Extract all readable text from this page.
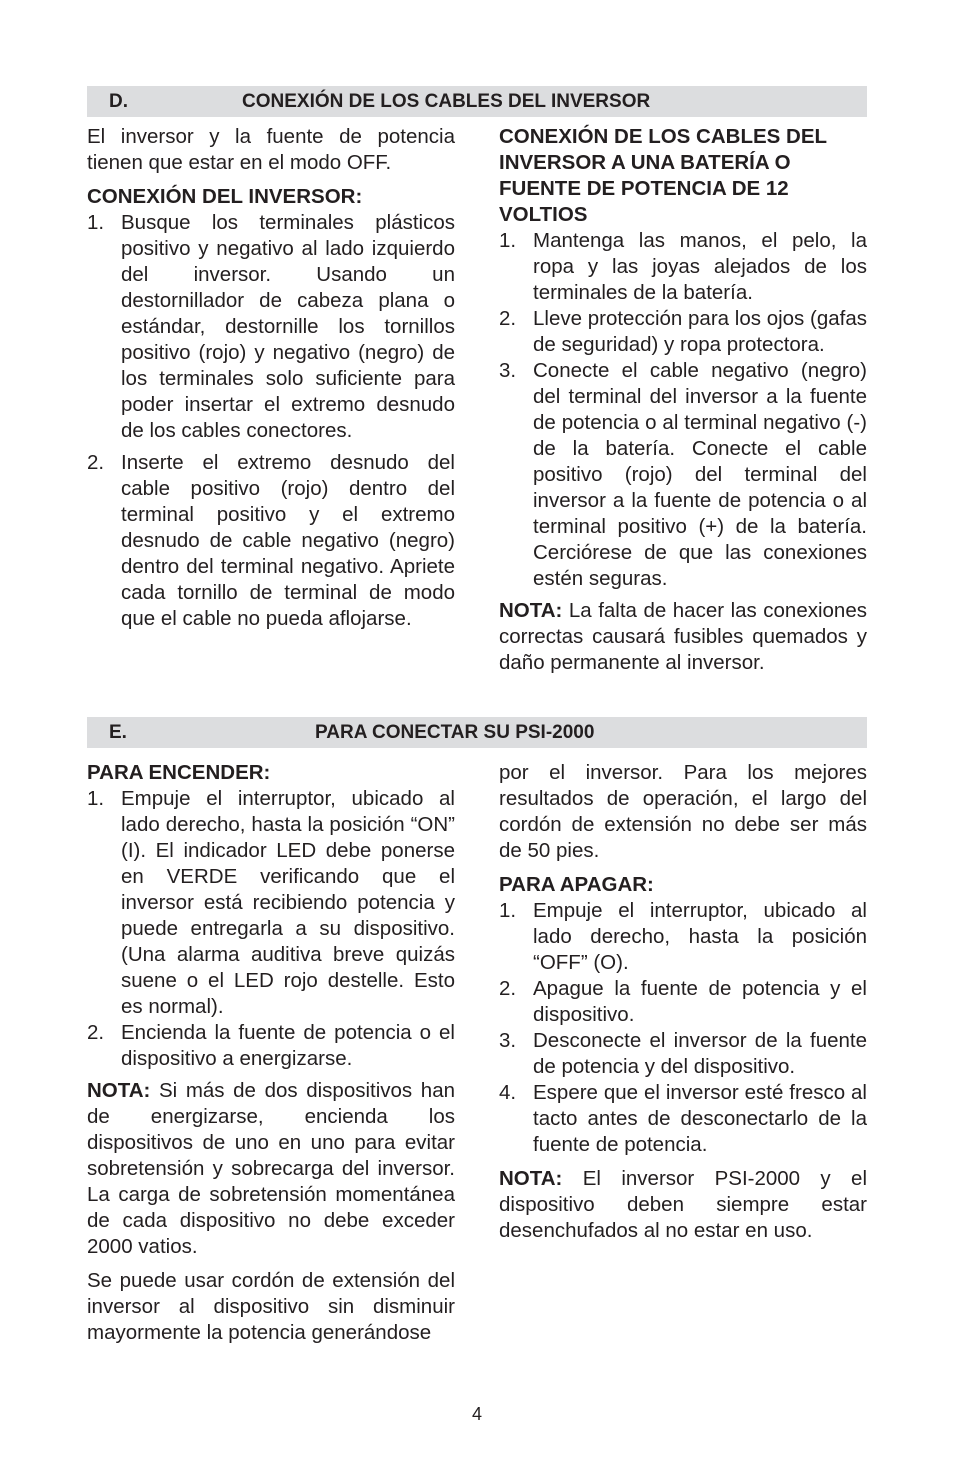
D.	CONEXIÓN DE LOS CABLES DEL INVERSOR

El inversor y la fuente de potencia tienen que estar en el modo OFF.

CONEXIÓN DEL INVERSOR:

1. Busque los terminales plásticos positivo y negativo al lado izquierdo del inversor. Usando un destornillador de cabeza plana o estándar, destornille los tornillos positivo (rojo) y negativo (negro) de los terminales solo suficiente para poder insertar el extremo desnudo de los cables conectores.
2. Inserte el extremo desnudo del cable positivo (rojo) dentro del terminal positivo y el extremo desnudo de cable negativo (negro) dentro del terminal negativo. Apriete cada tornillo de terminal de modo que el cable no pueda aflojarse.

CONEXIÓN DE LOS CABLES DEL INVERSOR A UNA BATERÍA O FUENTE DE POTENCIA DE 12 VOLTIOS

1. Mantenga las manos, el pelo, la ropa y las joyas alejados de los terminales de la batería.
2. Lleve protección para los ojos (gafas de seguridad) y ropa protectora.
3. Conecte el cable negativo (negro) del terminal del inversor a la fuente de potencia o al terminal negativo (-) de la batería. Conecte el cable positivo (rojo) del terminal del inversor a la fuente de potencia o al terminal positivo (+) de la batería. Cerciórese de que las conexiones estén seguras.

NOTA: La falta de hacer las conexiones correctas causará fusibles quemados y daño permanente al inversor.

E.	PARA CONECTAR SU PSI-2000

PARA ENCENDER:

1. Empuje el interruptor, ubicado al lado derecho, hasta la posición “ON” (I). El indicador LED debe ponerse en VERDE verificando que el inversor está recibiendo potencia y puede entregarla a su dispositivo. (Una alarma auditiva breve quizás suene o el LED rojo destelle. Esto es normal).
2. Encienda la fuente de potencia o el dispositivo a energizarse.

NOTA: Si más de dos dispositivos han de energizarse, encienda los dispositivos de uno en uno para evitar sobretensión y sobrecarga del inversor. La carga de sobretensión momentánea de cada dispositivo no debe exceder 2000 vatios.

Se puede usar cordón de extensión del inversor al dispositivo sin disminuir mayormente la potencia generándose

por el inversor. Para los mejores resultados de operación, el largo del cordón de extensión no debe ser más de 50 pies.

PARA APAGAR:

1. Empuje el interruptor, ubicado al lado derecho, hasta la posición “OFF” (O).
2. Apague la fuente de potencia y el dispositivo.
3. Desconecte el inversor de la fuente de potencia y del dispositivo.
4. Espere que el inversor esté fresco al tacto antes de desconectarlo de la fuente de potencia.

NOTA: El inversor PSI-2000 y el dispositivo deben siempre estar desenchufados al no estar en uso.

4
